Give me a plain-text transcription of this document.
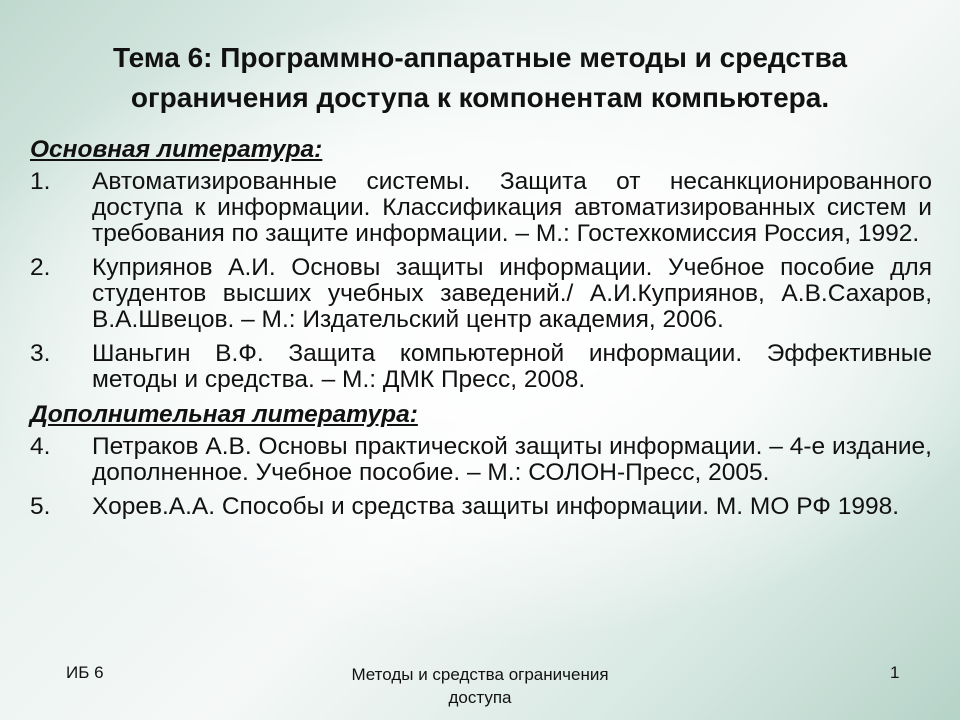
Тема 6: Программно-аппаратные методы и средства ограничения доступа к компонентам компьютера.
Основная литература:
1.	Автоматизированные системы. Защита от несанкционированного доступа к информации. Классификация автоматизированных систем и требования по защите информации. – М.: Гостехкомиссия Россия, 1992.
2.	Куприянов А.И. Основы защиты информации. Учебное пособие для студентов высших учебных заведений./ А.И.Куприянов, А.В.Сахаров, В.А.Швецов. – М.: Издательский центр академия, 2006.
3.	Шаньгин В.Ф. Защита компьютерной информации. Эффективные методы и средства. – М.: ДМК Пресс, 2008.
Дополнительная литература:
4.	Петраков А.В. Основы практической защиты информации. – 4-е издание, дополненное. Учебное пособие. – М.: СОЛОН-Пресс, 2005.
5.	Хорев.А.А. Способы и средства защиты информации. М. МО РФ 1998.
ИБ 6	Методы и средства ограничения доступа
1
